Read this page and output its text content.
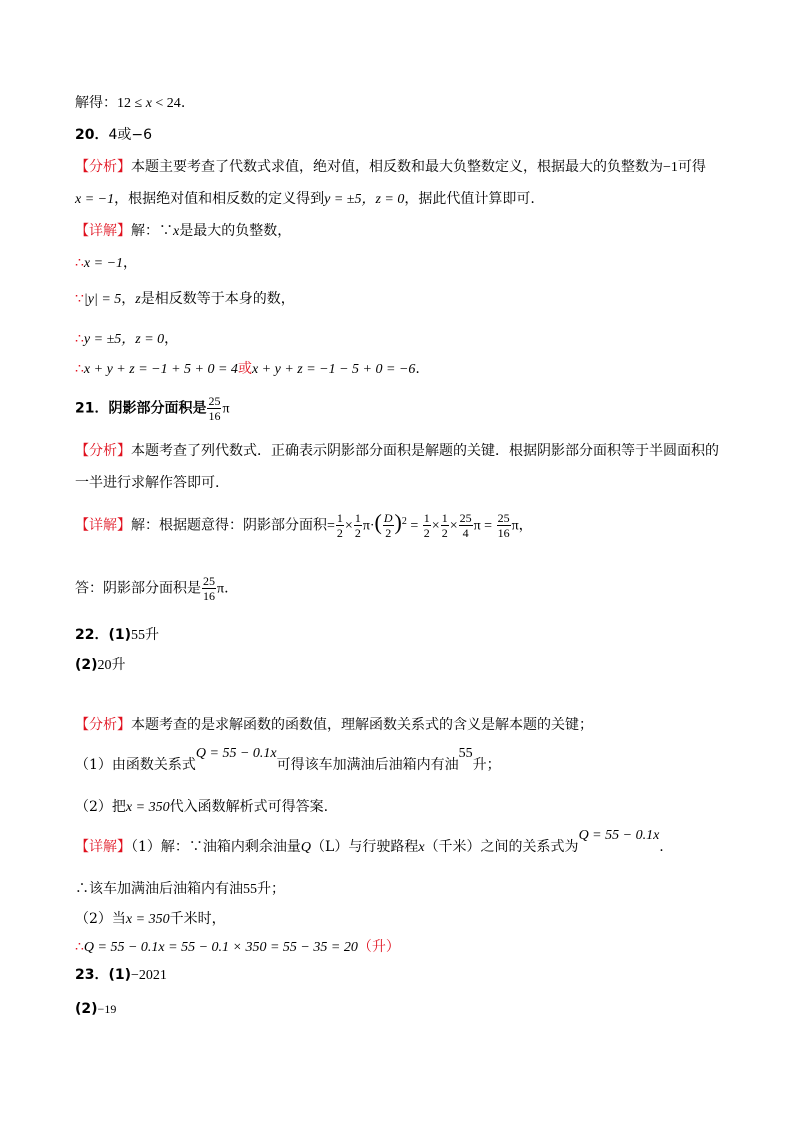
解得：12 ≤ x < 24.
20．4或−6
【分析】本题主要考查了代数式求值，绝对值，相反数和最大负整数定义，根据最大的负整数为−1可得
x = −1，根据绝对值和相反数的定义得到y = ±5，z = 0，据此代值计算即可.
【详解】解：∵x是最大的负整数，
∴x = −1，
∵|y| = 5，z是相反数等于本身的数，
∴y = ±5，z = 0，
∴x + y + z = −1 + 5 + 0 = 4或x + y + z = −1 − 5 + 0 = −6.
21．阴影部分面积是 $\frac{25}{16}$ π
【分析】本题考查了列代数式．正确表示阴影部分面积是解题的关键．根据阴影部分面积等于半圆面积的
一半进行求解作答即可.
【详解】解：根据题意得：阴影部分面积= $\frac{1}{2} \times \frac{1}{2} \pi\cdot( \frac{D}{2} )^2 = \frac{1}{2} \times \frac{1}{2} \times \frac{25}{4}$ $\pi = \frac{25}{16}$ π，
答：阴影部分面积是 $\frac{25}{16} \pi$.
22．(1)55升
(2)20升
【分析】本题考查的是求解函数的函数值，理解函数关系式的含义是解本题的关键；
（1）由函数关系式Q = 55 − 0.1x可得该车加满油后油箱内有油55升；
（2）把x = 350代入函数解析式可得答案.
【详解】（1）解：∵油箱内剩余油量Q（L）与行驶路程x（千米）之间的关系式为Q = 55 − 0.1x.
∴该车加满油后油箱内有油55升；
（2）当x = 350千米时，
∴Q = 55 − 0.1x = 55 − 0.1 × 350 = 55 − 35 = 20（升）
23．(1)−2021
(2)−19
